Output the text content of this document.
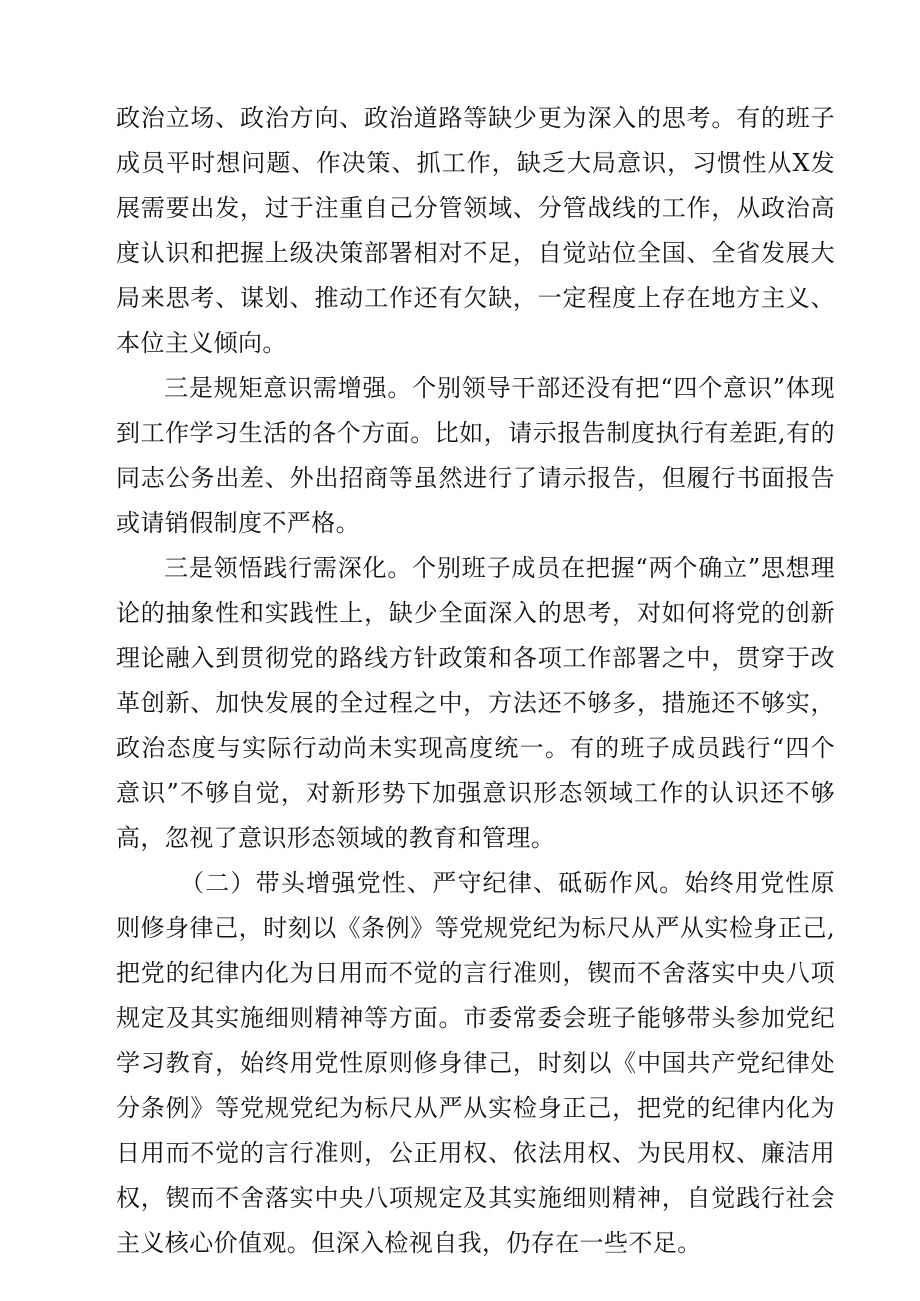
政治立场、政治方向、政治道路等缺少更为深入的思考。有的班子成员平时想问题、作决策、抓工作，缺乏大局意识，习惯性从X发展需要出发，过于注重自己分管领域、分管战线的工作，从政治高度认识和把握上级决策部署相对不足，自觉站位全国、全省发展大局来思考、谋划、推动工作还有欠缺，一定程度上存在地方主义、本位主义倾向。

三是规矩意识需增强。个别领导干部还没有把“四个意识”体现到工作学习生活的各个方面。比如，请示报告制度执行有差距,有的同志公务出差、外出招商等虽然进行了请示报告，但履行书面报告或请销假制度不严格。

三是领悟践行需深化。个别班子成员在把握“两个确立”思想理论的抽象性和实践性上，缺少全面深入的思考，对如何将党的创新理论融入到贯彻党的路线方针政策和各项工作部署之中，贯穿于改革创新、加快发展的全过程之中，方法还不够多，措施还不够实，政治态度与实际行动尚未实现高度统一。有的班子成员践行“四个意识”不够自觉，对新形势下加强意识形态领域工作的认识还不够高，忽视了意识形态领域的教育和管理。

（二）带头增强党性、严守纪律、砥砺作风。始终用党性原则修身律己，时刻以《条例》等党规党纪为标尺从严从实检身正己,把党的纪律内化为日用而不觉的言行准则，锲而不舍落实中央八项规定及其实施细则精神等方面。市委常委会班子能够带头参加党纪学习教育，始终用党性原则修身律己，时刻以《中国共产党纪律处分条例》等党规党纪为标尺从严从实检身正己，把党的纪律内化为日用而不觉的言行准则，公正用权、依法用权、为民用权、廉洁用权，锲而不舍落实中央八项规定及其实施细则精神，自觉践行社会主义核心价值观。但深入检视自我，仍存在一些不足。
